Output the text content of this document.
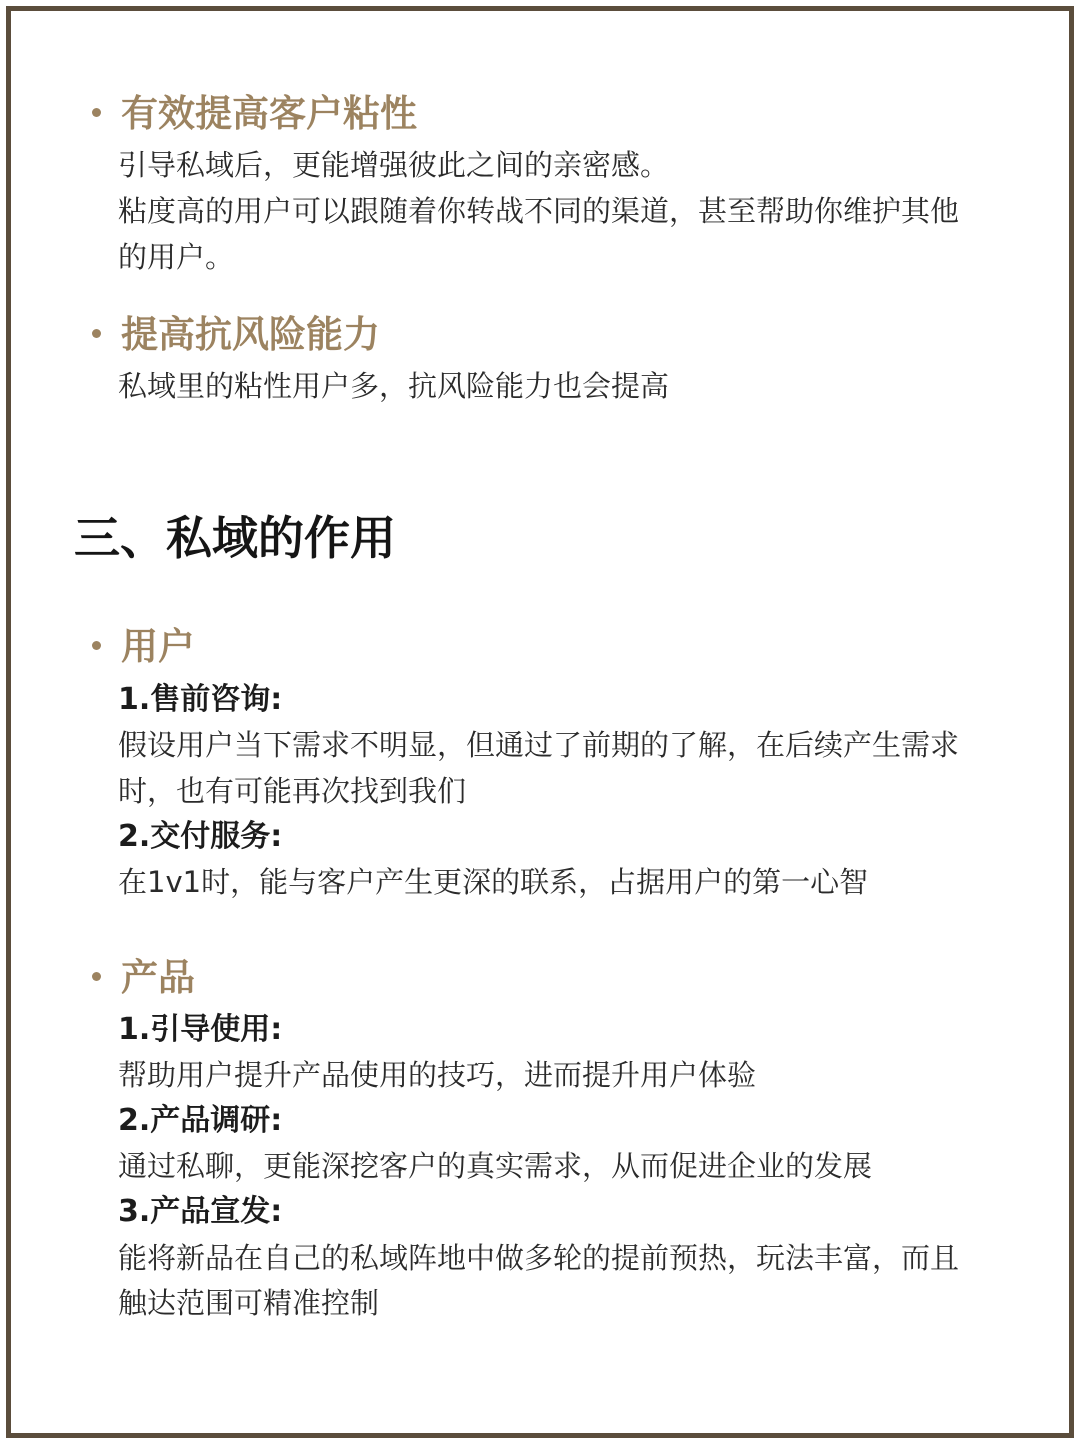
有效提高客户粘性
引导私域后，更能增强彼此之间的亲密感。
粘度高的用户可以跟随着你转战不同的渠道，甚至帮助你维护其他
的用户。
提高抗风险能力
私域里的粘性用户多，抗风险能力也会提高
三、私域的作用
用户
1.售前咨询:
假设用户当下需求不明显，但通过了前期的了解，在后续产生需求
时，也有可能再次找到我们
2.交付服务:
在1v1时，能与客户产生更深的联系，占据用户的第一心智
产品
1.引导使用:
帮助用户提升产品使用的技巧，进而提升用户体验
2.产品调研:
通过私聊，更能深挖客户的真实需求，从而促进企业的发展
3.产品宣发:
能将新品在自己的私域阵地中做多轮的提前预热，玩法丰富，而且
触达范围可精准控制
